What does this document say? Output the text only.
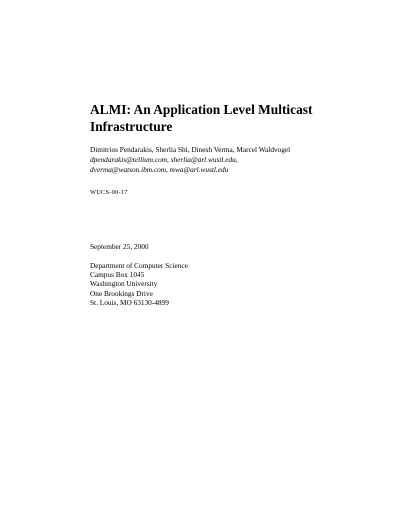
ALMI: An Application Level Multicast
Infrastructure
Dimitrios Pendarakis, Sherlia Shi, Dinesh Verma, Marcel Waldvogel
dpendarakis@tellium.com, sherlia@arl.wustl.edu,
dverma@watson.ibm.com, mwa@arl.wustl.edu
WUCS-00-17
September 25, 2000
Department of Computer Science
Campus Box 1045
Washington University
One Brookings Drive
St. Louis, MO 63130-4899
